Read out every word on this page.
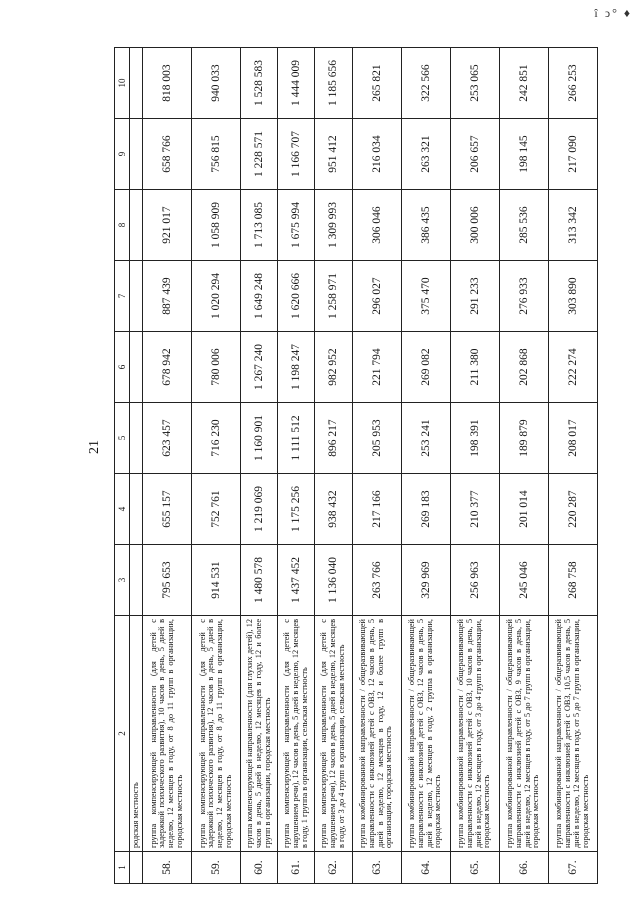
21
î ↄ° ♦
1	2	3	4	5	6	7	8	9	10
	родская местность								
58.	группа компенсирующей направленности (для детей с задержкой психического развития), 10 часов в день, 5 дней в неделю, 12 месяцев в году, от 8 до 11 групп в организации, городская местность	795 653	655 157	623 457	678 942	887 439	921 017	658 766	818 003
59.	группа компенсирующей направленности (для детей с задержкой психического развития), 12 часов в день, 5 дней в неделю, 12 месяцев в году, от 8 до 11 групп в организации, городская местность	914 531	752 761	716 230	780 006	1 020 294	1 058 909	756 815	940 033
60.	группа компенсирующей направленности (для глухих детей), 12 часов в день, 5 дней в неделю, 12 месяцев в году, 12 и более групп в организации, городская местность	1 480 578	1 219 069	1 160 901	1 267 240	1 649 248	1 713 085	1 228 571	1 528 583
61.	группа компенсирующей направленности (для детей с нарушением речи), 12 часов в день, 5 дней в неделю, 12 месяцев в году, 1 группа в организации, сельская местность	1 437 452	1 175 256	1 111 512	1 198 247	1 620 666	1 675 994	1 166 707	1 444 009
62.	группа компенсирующей направленности (для детей с нарушением речи), 12 часов в день, 5 дней в неделю, 12 месяцев в году, от 3 до 4 групп в организации, сельская местность	1 136 040	938 432	896 217	982 952	1 258 971	1 309 993	951 412	1 185 656
63.	группа комбинированной направленности / общеразвивающей направленности с инклюзией детей с ОВЗ, 12 часов в день, 5 дней в неделю, 12 месяцев в году, 12 и более групп в организации, городская местность	263 766	217 166	205 953	221 794	296 027	306 046	216 034	265 821
64.	группа комбинированной направленности / общеразвивающей направленности с инклюзией детей с ОВЗ, 12 часов в день, 5 дней в неделю, 12 месяцев в году, 2 группа в организации, городская местность	329 969	269 183	253 241	269 082	375 470	386 435	263 321	322 566
65.	группа комбинированной направленности / общеразвивающей направленности с инклюзией детей с ОВЗ, 10 часов в день, 5 дней в неделю, 12 месяцев в году, от 3 до 4 групп в организации, городская местность	256 963	210 377	198 391	211 380	291 233	300 006	206 657	253 065
66.	группа комбинированной направленности / общеразвивающей направленности с инклюзией детей с ОВЗ, 9 часов в день, 5 дней в неделю, 12 месяцев в году, от 5 до 7 групп в организации, городская местность	245 046	201 014	189 879	202 868	276 933	285 536	198 145	242 851
67.	группа комбинированной направленности / общеразвивающей направленности с инклюзией детей с ОВЗ, 10,5 часов в день, 5 дней в неделю, 12 месяцев в году, от 5 до 7 групп в организации, городская местность	268 758	220 287	208 017	222 274	303 890	313 342	217 090	266 253
